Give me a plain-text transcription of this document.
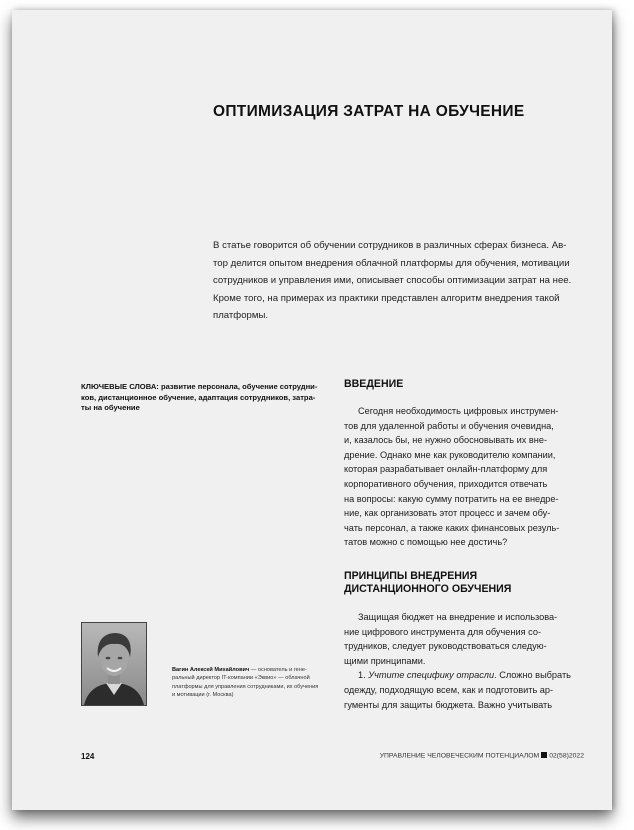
ОПТИМИЗАЦИЯ ЗАТРАТ НА ОБУЧЕНИЕ
В статье говорится об обучении сотрудников в различных сферах бизнеса. Ав-
тор делится опытом внедрения облачной платформы для обучения, мотивации
сотрудников и управления ими, описывает способы оптимизации затрат на нее.
Кроме того, на примерах из практики представлен алгоритм внедрения такой
платформы.
КЛЮЧЕВЫЕ СЛОВА: развитие персонала, обучение сотрудни-
ков, дистанционное обучение, адаптация сотрудников, затра-
ты на обучение
ВВЕДЕНИЕ
Сегодня необходимость цифровых инструмен-
тов для удаленной работы и обучения очевидна,
и, казалось бы, не нужно обосновывать их вне-
дрение. Однако мне как руководителю компании,
которая разрабатывает онлайн-платформу для
корпоративного обучения, приходится отвечать
на вопросы: какую сумму потратить на ее внедре-
ние, как организовать этот процесс и зачем обу-
чать персонал, а также каких финансовых резуль-
татов можно с помощью нее достичь?
ПРИНЦИПЫ ВНЕДРЕНИЯ
ДИСТАНЦИОННОГО ОБУЧЕНИЯ
Защищая бюджет на внедрение и использова-
ние цифрового инструмента для обучения со-
трудников, следует руководствоваться следую-
щими принципами.
1. Учтите специфику отрасли. Сложно выбрать
одежду, подходящую всем, как и подготовить ар-
гументы для защиты бюджета. Важно учитывать
Вагин Алексей Михайлович — основатель и гене-
ральный директор IT-компании «Эквио» — облачной
платформы для управления сотрудниками, их обучения
и мотивации (г. Москва)
124	УПРАВЛЕНИЕ ЧЕЛОВЕЧЕСКИМ ПОТЕНЦИАЛОМ 02(58)2022
